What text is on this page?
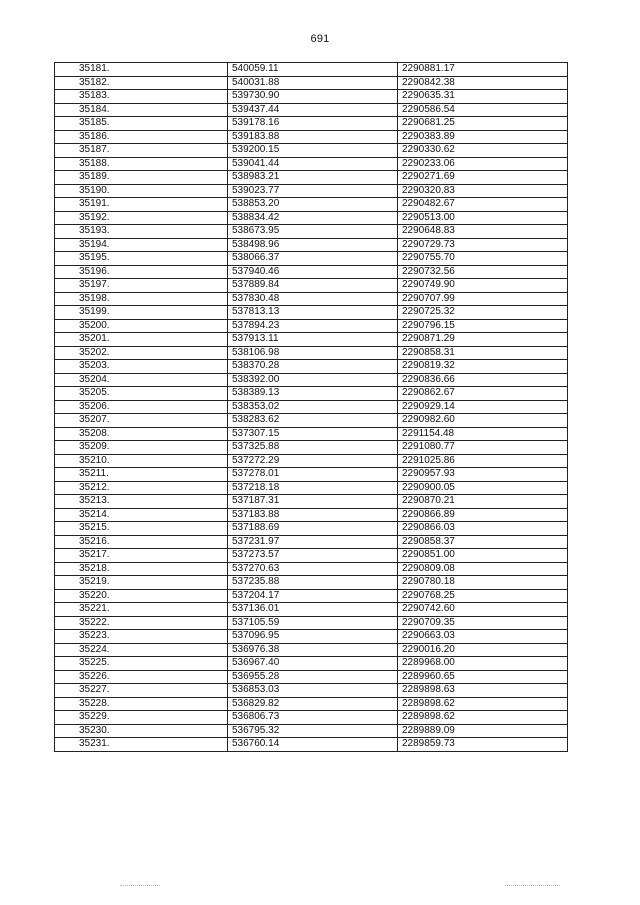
691
35181.	540059.11	2290881.17
35182.	540031.88	2290842.38
35183.	539730.90	2290635.31
35184.	539437.44	2290586.54
35185.	539178.16	2290681.25
35186.	539183.88	2290383.89
35187.	539200.15	2290330.62
35188.	539041.44	2290233.06
35189.	538983.21	2290271.69
35190.	539023.77	2290320.83
35191.	538853.20	2290482.67
35192.	538834.42	2290513.00
35193.	538673.95	2290648.83
35194.	538498.96	2290729.73
35195.	538066.37	2290755.70
35196.	537940.46	2290732.56
35197.	537889.84	2290749.90
35198.	537830.48	2290707.99
35199.	537813.13	2290725.32
35200.	537894.23	2290796.15
35201.	537913.11	2290871.29
35202.	538106.98	2290858.31
35203.	538370.28	2290819.32
35204.	538392.00	2290836.66
35205.	538389.13	2290862.67
35206.	538353.02	2290929.14
35207.	538283.62	2290982.60
35208.	537307.15	2291154.48
35209.	537325.88	2291080.77
35210.	537272.29	2291025.86
35211.	537278.01	2290957.93
35212.	537218.18	2290900.05
35213.	537187.31	2290870.21
35214.	537183.88	2290866.89
35215.	537188.69	2290866.03
35216.	537231.97	2290858.37
35217.	537273.57	2290851.00
35218.	537270.63	2290809.08
35219.	537235.88	2290780.18
35220.	537204.17	2290768.25
35221.	537136.01	2290742.60
35222.	537105.59	2290709.35
35223.	537096.95	2290663.03
35224.	536976.38	2290016.20
35225.	536967.40	2289968.00
35226.	536955.28	2289960.65
35227.	536853.03	2289898.63
35228.	536829.82	2289898.62
35229.	536806.73	2289898.62
35230.	536795.32	2289889.09
35231.	536760.14	2289859.73
